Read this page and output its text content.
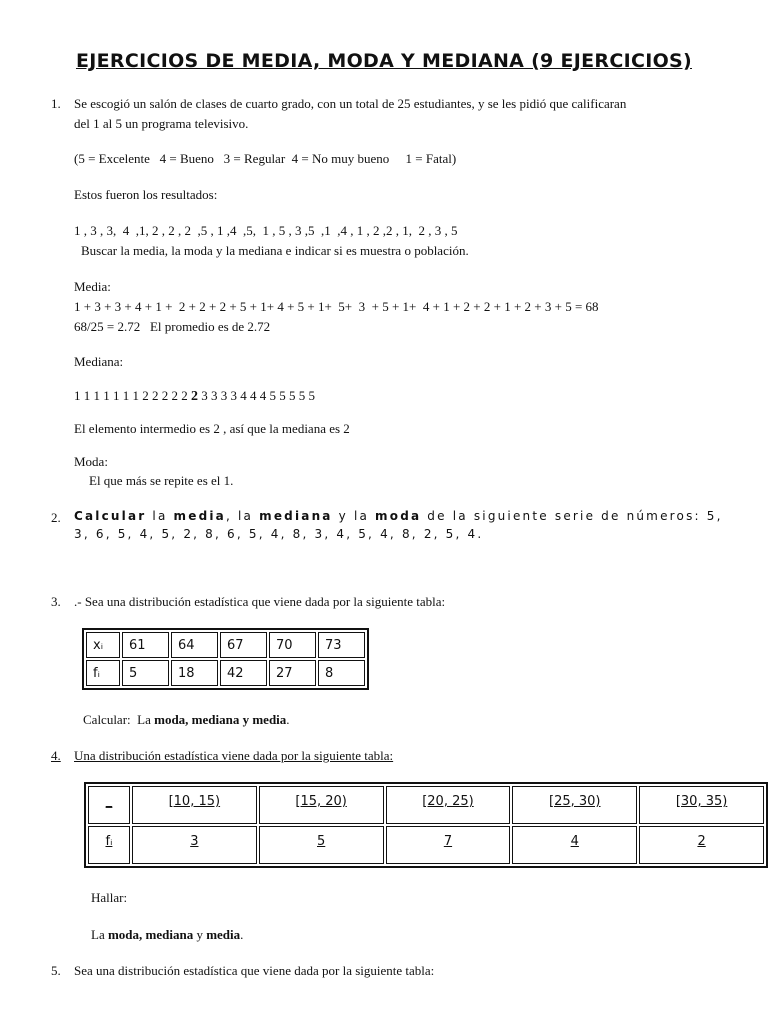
EJERCICIOS DE MEDIA, MODA Y MEDIANA (9 EJERCICIOS)
1. Se escogió un salón de clases de cuarto grado, con un total de 25 estudiantes, y se les pidió que calificaran
del 1 al 5 un programa televisivo.
(5 = Excelente   4 = Bueno   3 = Regular  4 = No muy bueno     1 = Fatal)
Estos fueron los resultados:
1 , 3 , 3,  4  ,1, 2 , 2 , 2  ,5 , 1 ,4  ,5,  1 , 5 , 3 ,5  ,1  ,4 , 1 , 2 ,2 , 1,  2 , 3 , 5
Buscar la media, la moda y la mediana e indicar si es muestra o población.
Media:
1 + 3 + 3 + 4 + 1 +  2 + 2 + 2 + 5 + 1+ 4 + 5 + 1+  5+  3  + 5 + 1+  4 + 1 + 2 + 2 + 1 + 2 + 3 + 5 = 68
68/25 = 2.72   El promedio es de 2.72
Mediana:
1 1 1 1 1 1 1 2 2 2 2 2 2 3 3 3 3 4 4 4 5 5 5 5 5
El elemento intermedio es 2 , así que la mediana es 2
Moda:
El que más se repite es el 1.
2. Calcular la media, la mediana y la moda de la siguiente serie de números: 5,
3, 6, 5, 4, 5, 2, 8, 6, 5, 4, 8, 3, 4, 5, 4, 8, 2, 5, 4.
3. .- Sea una distribución estadística que viene dada por la siguiente tabla:
xᵢ	61	64	67	70	73
fᵢ	5	18	42	27	8
Calcular:  La moda, mediana y media.
4. Una distribución estadística viene dada por la siguiente tabla:
_	[10, 15)	[15, 20)	[20, 25)	[25, 30)	[30, 35)
fᵢ	3	5	7	4	2
Hallar:
La moda, mediana y media.
5. Sea una distribución estadística que viene dada por la siguiente tabla:
